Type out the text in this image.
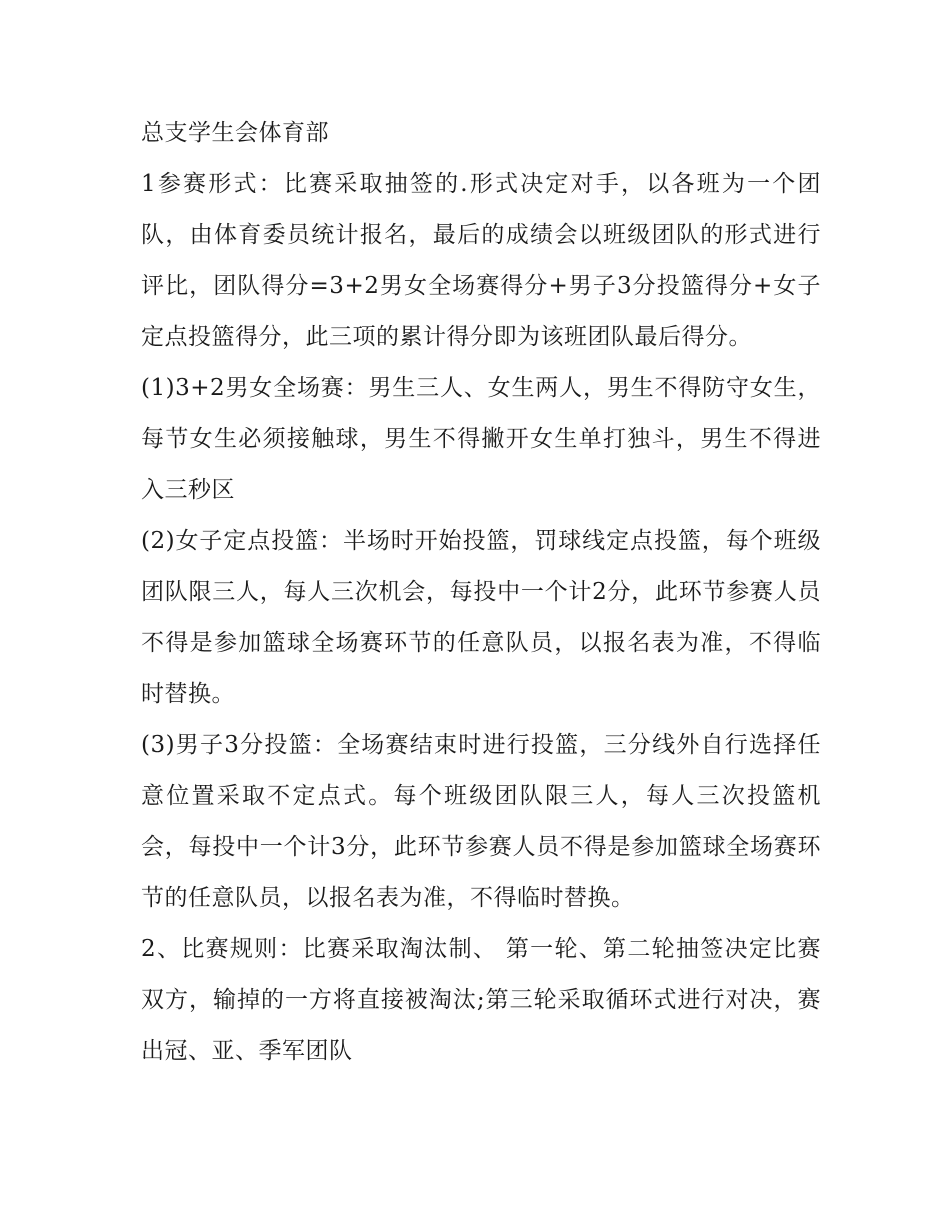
总支学生会体育部

1参赛形式：比赛采取抽签的.形式决定对手，以各班为一个团队，由体育委员统计报名，最后的成绩会以班级团队的形式进行评比，团队得分=3+2男女全场赛得分+男子3分投篮得分+女子定点投篮得分，此三项的累计得分即为该班团队最后得分。

(1)3+2男女全场赛：男生三人、女生两人，男生不得防守女生，每节女生必须接触球，男生不得撇开女生单打独斗，男生不得进入三秒区

(2)女子定点投篮：半场时开始投篮，罚球线定点投篮，每个班级团队限三人，每人三次机会，每投中一个计2分，此环节参赛人员不得是参加篮球全场赛环节的任意队员，以报名表为准，不得临时替换。

(3)男子3分投篮：全场赛结束时进行投篮，三分线外自行选择任意位置采取不定点式。每个班级团队限三人，每人三次投篮机会，每投中一个计3分，此环节参赛人员不得是参加篮球全场赛环节的任意队员，以报名表为准，不得临时替换。

2、比赛规则：比赛采取淘汰制、 第一轮、第二轮抽签决定比赛双方，输掉的一方将直接被淘汰;第三轮采取循环式进行对决，赛出冠、亚、季军团队
